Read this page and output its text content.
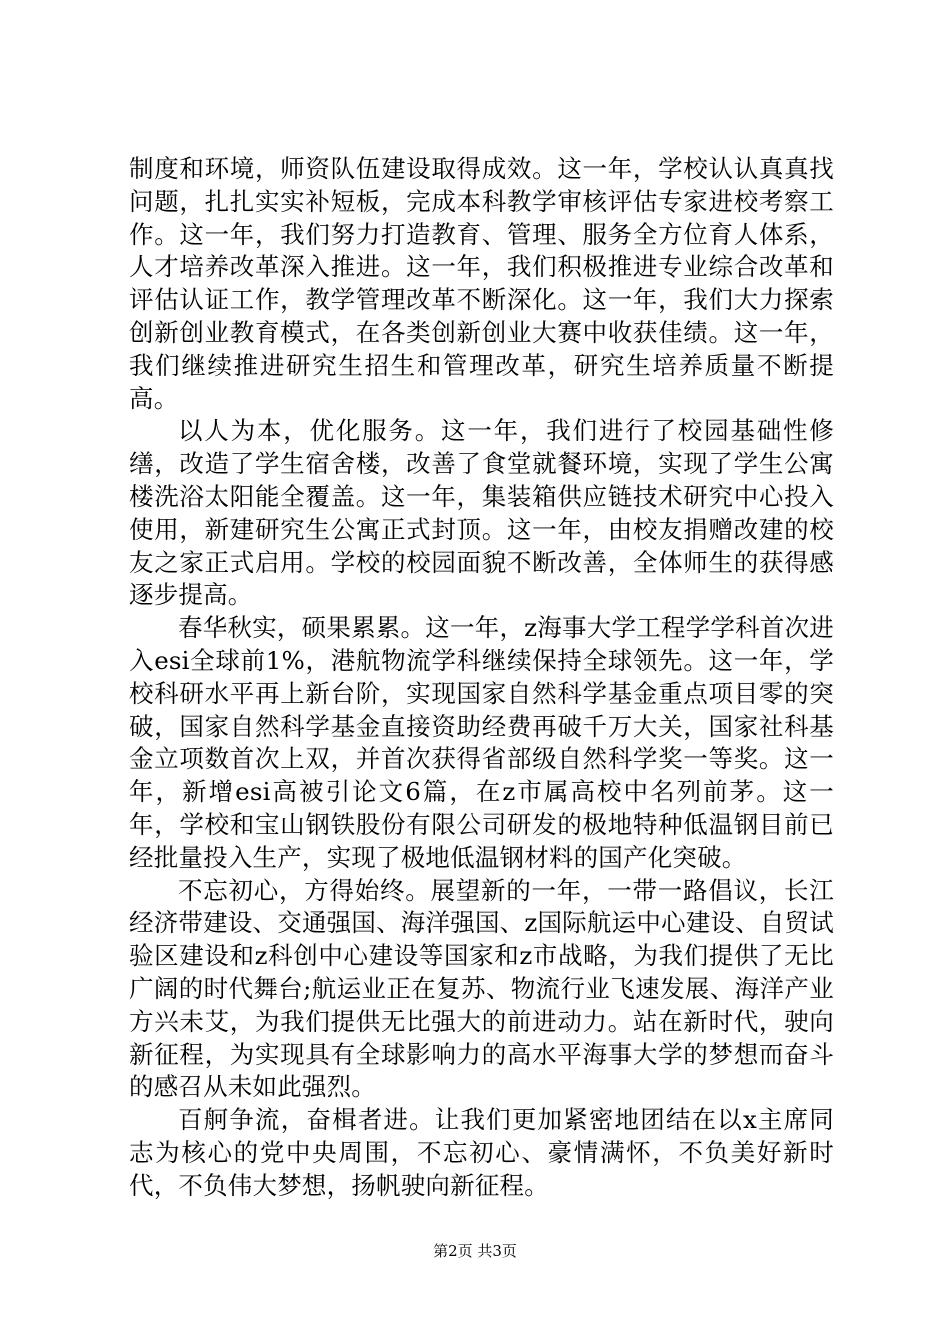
制度和环境，师资队伍建设取得成效。这一年，学校认认真真找问题，扎扎实实补短板，完成本科教学审核评估专家进校考察工作。这一年，我们努力打造教育、管理、服务全方位育人体系，人才培养改革深入推进。这一年，我们积极推进专业综合改革和评估认证工作，教学管理改革不断深化。这一年，我们大力探索创新创业教育模式，在各类创新创业大赛中收获佳绩。这一年，我们继续推进研究生招生和管理改革，研究生培养质量不断提高。

以人为本，优化服务。这一年，我们进行了校园基础性修缮，改造了学生宿舍楼，改善了食堂就餐环境，实现了学生公寓楼洗浴太阳能全覆盖。这一年，集装箱供应链技术研究中心投入使用，新建研究生公寓正式封顶。这一年，由校友捐赠改建的校友之家正式启用。学校的校园面貌不断改善，全体师生的获得感逐步提高。

春华秋实，硕果累累。这一年，z海事大学工程学学科首次进入esi全球前1%，港航物流学科继续保持全球领先。这一年，学校科研水平再上新台阶，实现国家自然科学基金重点项目零的突破，国家自然科学基金直接资助经费再破千万大关，国家社科基金立项数首次上双，并首次获得省部级自然科学奖一等奖。这一年，新增esi高被引论文6篇，在z市属高校中名列前茅。这一年，学校和宝山钢铁股份有限公司研发的极地特种低温钢目前已经批量投入生产，实现了极地低温钢材料的国产化突破。

不忘初心，方得始终。展望新的一年，一带一路倡议，长江经济带建设、交通强国、海洋强国、z国际航运中心建设、自贸试验区建设和z科创中心建设等国家和z市战略，为我们提供了无比广阔的时代舞台;航运业正在复苏、物流行业飞速发展、海洋产业方兴未艾，为我们提供无比强大的前进动力。站在新时代，驶向新征程，为实现具有全球影响力的高水平海事大学的梦想而奋斗的感召从未如此强烈。

百舸争流，奋楫者进。让我们更加紧密地团结在以x主席同志为核心的党中央周围，不忘初心、豪情满怀，不负美好新时代，不负伟大梦想，扬帆驶向新征程。

第2页 共3页
